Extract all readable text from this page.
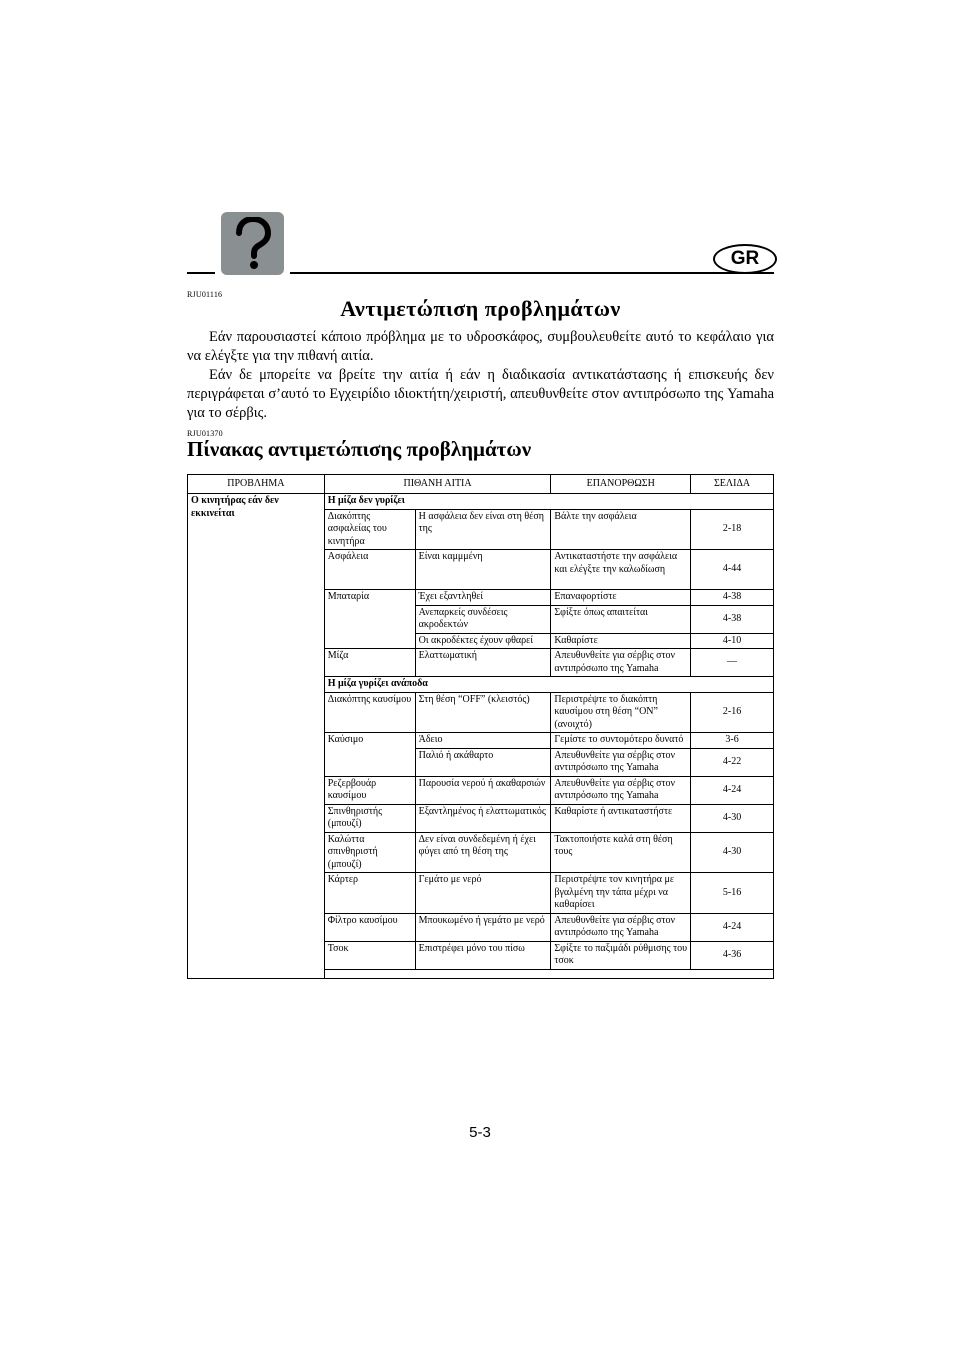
GR
RJU01116
Αντιμετώπιση προβλημάτων
Εάν παρουσιαστεί κάποιο πρόβλημα με το υδροσκάφος, συμβουλευθείτε αυτό το κεφάλαιο για να ελέγξτε για την πιθανή αιτία.
Εάν δε μπορείτε να βρείτε την αιτία ή εάν η διαδικασία αντικατάστασης ή επισκευής δεν περιγράφεται σ’αυτό το Εγχειρίδιο ιδιοκτήτη/χειριστή, απευθυνθείτε στον αντιπρόσωπο της Yamaha για το σέρβις.
RJU01370
Πίνακας αντιμετώπισης προβλημάτων
ΠΡΟΒΛΗΜΑ	ΠΙΘΑΝΗ ΑΙΤΙΑ		ΕΠΑΝΟΡΘΩΣΗ	ΣΕΛΙΔΑ
Ο κινητήρας εάν δεν εκκινείται	Η μίζα δεν γυρίζει			
	Διακόπτης ασφαλείας του κινητήρα	Η ασφάλεια δεν είναι στη θέση της	Βάλτε την ασφάλεια	2-18
	Ασφάλεια	Είναι καμμμένη	Αντικαταστήστε την ασφάλεια και ελέγξτε την καλωδίωση	4-44
	Μπαταρία	Έχει εξαντληθεί	Επαναφορτίστε	4-38
		Ανεπαρκείς συνδέσεις ακροδεκτών	Σφίξτε όπως απαιτείται	4-38
		Οι ακροδέκτες έχουν φθαρεί	Καθαρίστε	4-10
	Μίζα	Ελαττωματική	Απευθυνθείτε για σέρβις στον αντιπρόσωπο της Yamaha	—
	Η μίζα γυρίζει ανάποδα			
	Διακόπτης καυσίμου	Στη θέση “OFF” (κλειστός)	Περιστρέψτε το διακόπτη καυσίμου στη θέση “ON” (ανοιχτό)	2-16
	Καύσιμο	Άδειο	Γεμίστε το συντομότερο δυνατό	3-6
		Παλιό ή ακάθαρτο	Απευθυνθείτε για σέρβις στον αντιπρόσωπο της Yamaha	4-22
	Ρεζερβουάρ καυσίμου	Παρουσία νερού ή ακαθαρσιών	Απευθυνθείτε για σέρβις στον αντιπρόσωπο της Yamaha	4-24
	Σπινθηριστής (μπουζί)	Εξαντλημένος ή ελαττωματικός	Καθαρίστε ή αντικαταστήστε	4-30
	Καλώττα σπινθηριστή (μπουζί)	Δεν είναι συνδεδεμένη ή έχει φύγει από τη θέση της	Τακτοποιήστε καλά στη θέση τους	4-30
	Κάρτερ	Γεμάτο με νερό	Περιστρέψτε τον κινητήρα με βγαλμένη την τάπα μέχρι να καθαρίσει	5-16
	Φίλτρο καυσίμου	Μπουκωμένο ή γεμάτο με νερό	Απευθυνθείτε για σέρβις στον αντιπρόσωπο της Yamaha	4-24
	Τσοκ	Επιστρέφει μόνο του πίσω	Σφίξτε το παξιμάδι ρύθμισης του τσοκ	4-36

5-3
